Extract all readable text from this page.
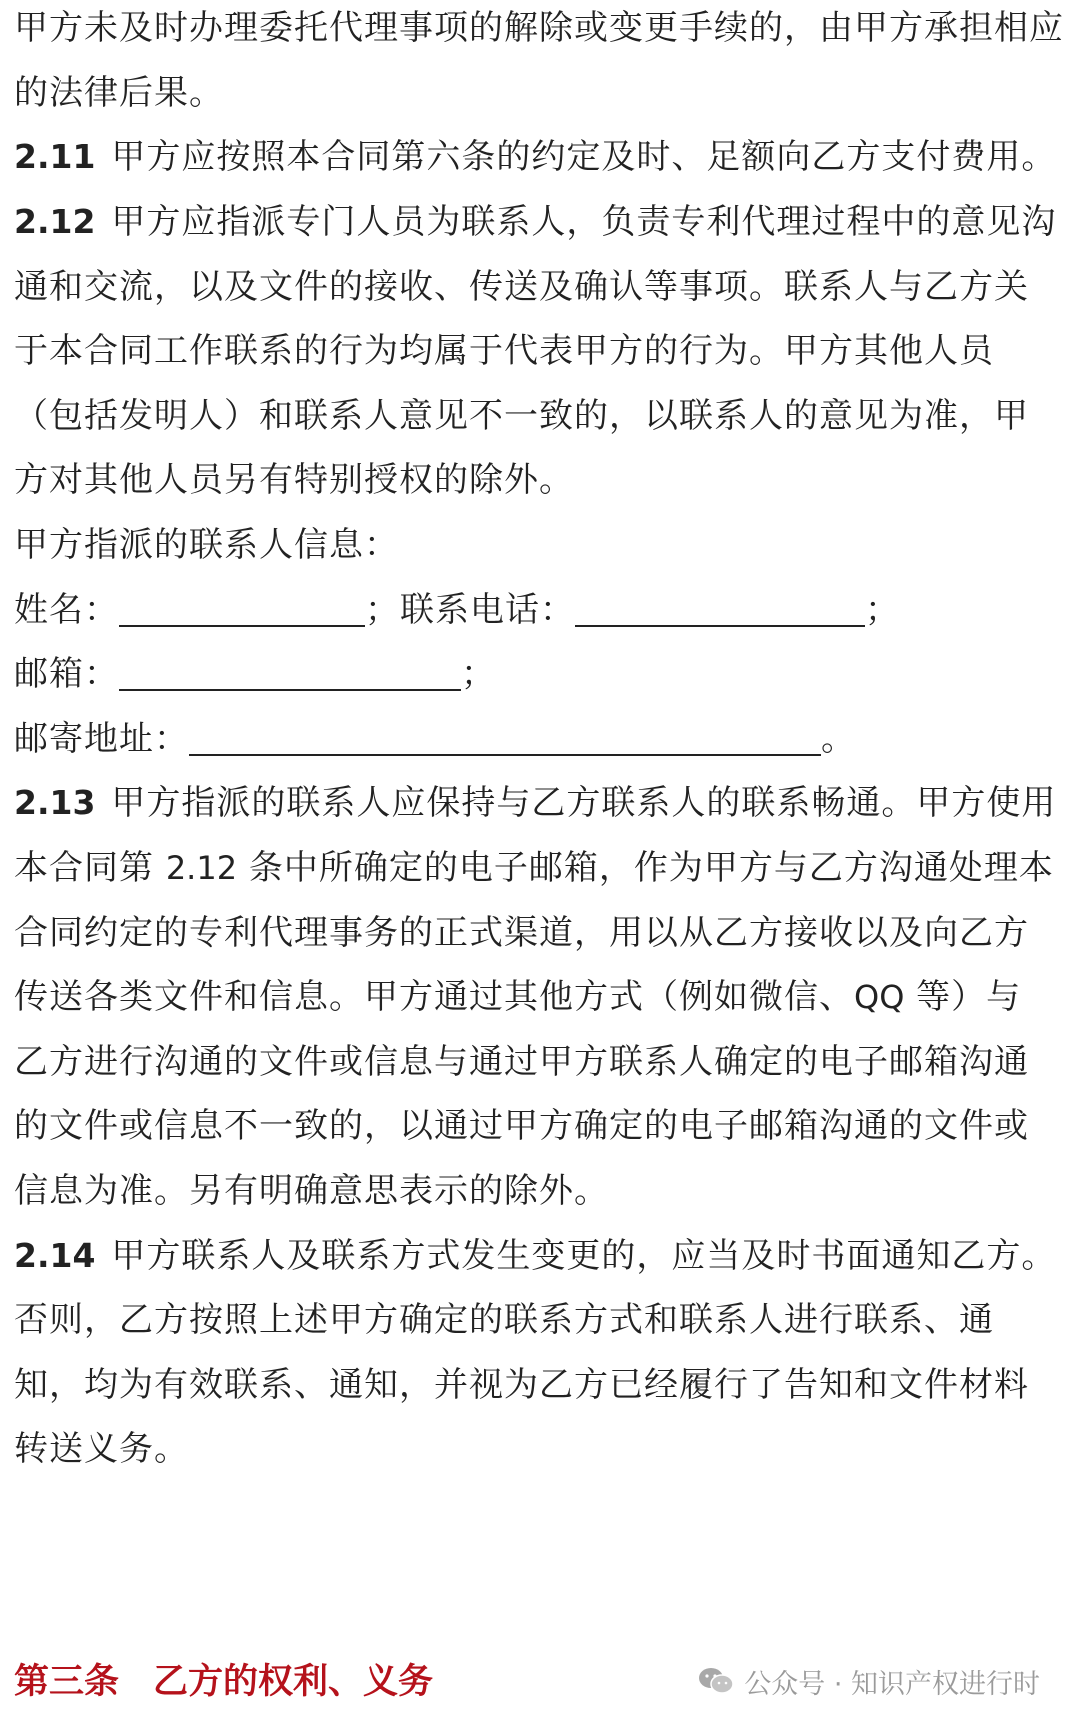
甲方未及时办理委托代理事项的解除或变更手续的，由甲方承担相应
的法律后果。
2.11 甲方应按照本合同第六条的约定及时、足额向乙方支付费用。
2.12 甲方应指派专门人员为联系人，负责专利代理过程中的意见沟
通和交流，以及文件的接收、传送及确认等事项。联系人与乙方关
于本合同工作联系的行为均属于代表甲方的行为。甲方其他人员
（包括发明人）和联系人意见不一致的，以联系人的意见为准，甲
方对其他人员另有特别授权的除外。
甲方指派的联系人信息：
姓名：	；联系电话：	；
邮箱：	；
邮寄地址：	。
2.13 甲方指派的联系人应保持与乙方联系人的联系畅通。甲方使用
本合同第 2.12 条中所确定的电子邮箱，作为甲方与乙方沟通处理本
合同约定的专利代理事务的正式渠道，用以从乙方接收以及向乙方
传送各类文件和信息。甲方通过其他方式（例如微信、QQ 等）与
乙方进行沟通的文件或信息与通过甲方联系人确定的电子邮箱沟通
的文件或信息不一致的，以通过甲方确定的电子邮箱沟通的文件或
信息为准。另有明确意思表示的除外。
2.14 甲方联系人及联系方式发生变更的，应当及时书面通知乙方。
否则，乙方按照上述甲方确定的联系方式和联系人进行联系、通
知，均为有效联系、通知，并视为乙方已经履行了告知和文件材料
转送义务。
第三条 乙方的权利、义务	公众号 · 知识产权进行时
